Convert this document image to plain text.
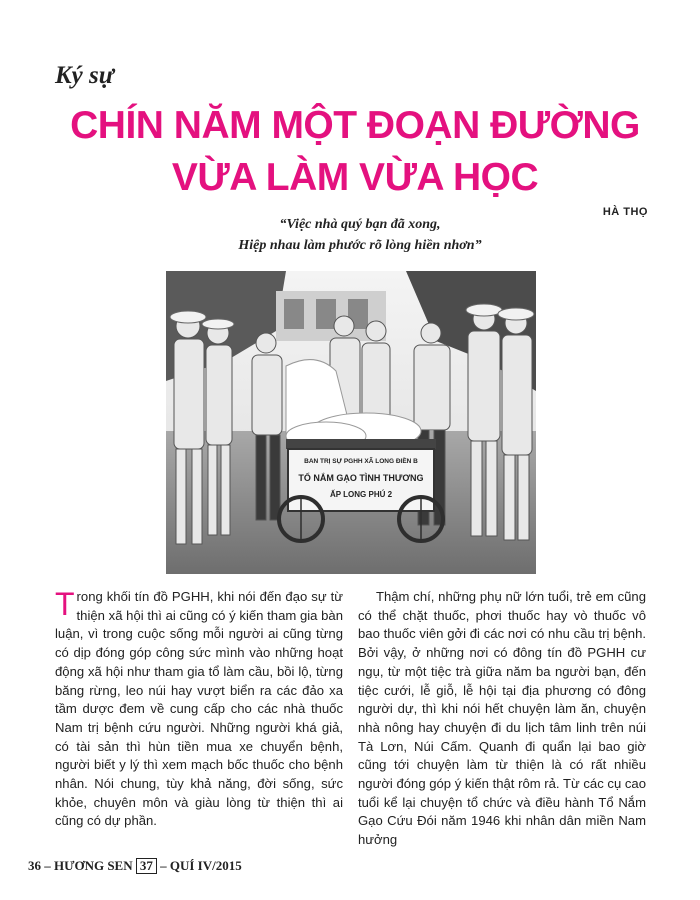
Ký sự
CHÍN NĂM MỘT ĐOẠN ĐƯỜNG
VỪA LÀM VỪA HỌC
HÀ THỌ
“Việc nhà quý bạn đã xong,
Hiệp nhau làm phước rõ lòng hiền nhơn”
BAN TRỊ SỰ PGHH XÃ LONG ĐIỀN B
TỔ NẮM GẠO TÌNH THƯƠNG
ẤP LONG PHÚ 2

Trong khối tín đồ PGHH, khi nói đến đạo sự từ thiện xã hội thì ai cũng có ý kiến tham gia bàn luận, vì trong cuộc sống mỗi người ai cũng từng có dịp đóng góp công sức mình vào những hoạt động xã hội như tham gia tổ làm cầu, bồi lộ, từng băng rừng, leo núi hay vượt biển ra các đảo xa tầm dược đem về cung cấp cho các nhà thuốc Nam trị bệnh cứu người. Những người khá giả, có tài sản thì hùn tiền mua xe chuyển bệnh, người biết y lý thì xem mạch bốc thuốc cho bệnh nhân. Nói chung, tùy khả năng, đời sống, sức khỏe, chuyên môn và giàu lòng từ thiện thì ai cũng có dự phần.

Thậm chí, những phụ nữ lớn tuổi, trẻ em cũng có thể chặt thuốc, phơi thuốc hay vò thuốc vô bao thuốc viên gởi đi các nơi có nhu cầu trị bệnh. Bởi vậy, ở những nơi có đông tín đồ PGHH cư ngụ, từ một tiệc trà giữa năm ba người bạn, đến tiệc cưới, lễ giỗ, lễ hội tại địa phương có đông người dự, thì khi nói hết chuyện làm ăn, chuyện nhà nông hay chuyện đi du lịch tâm linh trên núi Tà Lơn, Núi Cấm. Quanh đi quẩn lại bao giờ cũng tới chuyện làm từ thiện là có rất nhiều người đóng góp ý kiến thật rôm rả. Từ các cụ cao tuổi kể lại chuyện tổ chức và điều hành Tổ Nắm Gạo Cứu Đói năm 1946 khi nhân dân miền Nam hưởng

36 – HƯƠNG SEN 37 – QUÍ IV/2015
